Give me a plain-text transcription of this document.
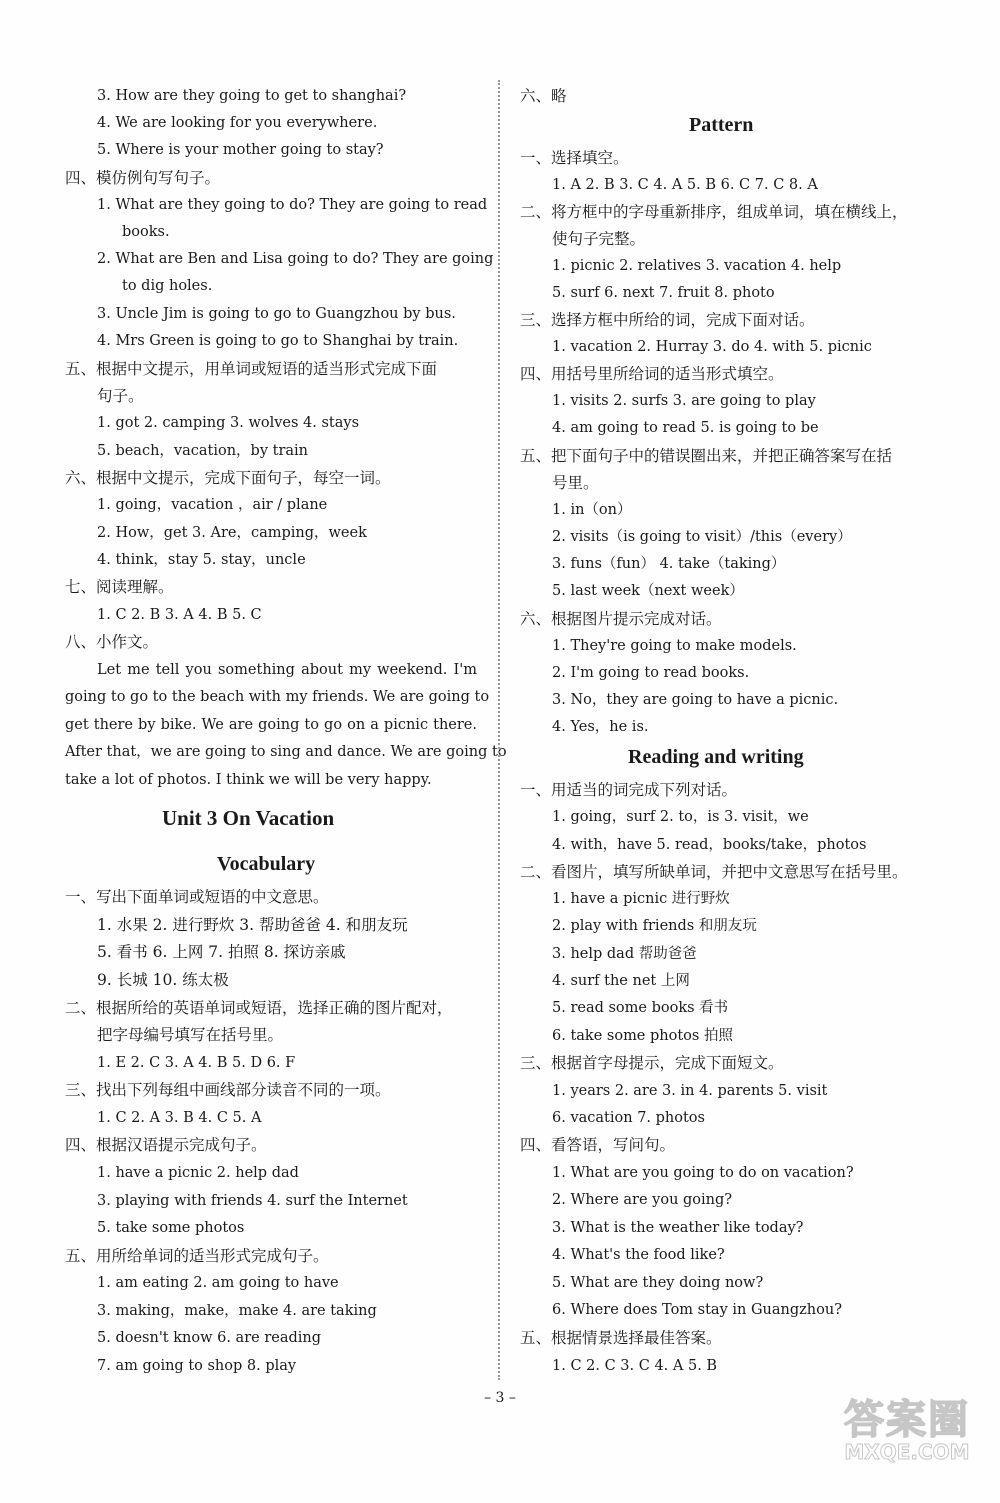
3. How are they going to get to shanghai?
4. We are looking for you everywhere.
5. Where is your mother going to stay?
四、模仿例句写句子。
1. What are they going to do? They are going to read
books.
2. What are Ben and Lisa going to do? They are going
to dig holes.
3. Uncle Jim is going to go to Guangzhou by bus.
4. Mrs Green is going to go to Shanghai by train.
五、根据中文提示，用单词或短语的适当形式完成下面
句子。
1. got 2. camping 3. wolves 4. stays
5. beach，vacation，by train
六、根据中文提示，完成下面句子，每空一词。
1. going，vacation ，air / plane
2. How，get 3. Are，camping，week
4. think，stay 5. stay，uncle
七、阅读理解。
1. C 2. B 3. A 4. B 5. C
八、小作文。
Let me tell you something about my weekend. I'm
going to go to the beach with my friends. We are going to
get there by bike. We are going to go on a picnic there.
After that，we are going to sing and dance. We are going to
take a lot of photos. I think we will be very happy.
Unit 3 On Vacation
Vocabulary
一、写出下面单词或短语的中文意思。
1. 水果 2. 进行野炊 3. 帮助爸爸 4. 和朋友玩
5. 看书 6. 上网 7. 拍照 8. 探访亲戚
9. 长城 10. 练太极
二、根据所给的英语单词或短语，选择正确的图片配对，
把字母编号填写在括号里。
1. E 2. C 3. A 4. B 5. D 6. F
三、找出下列每组中画线部分读音不同的一项。
1. C 2. A 3. B 4. C 5. A
四、根据汉语提示完成句子。
1. have a picnic 2. help dad
3. playing with friends 4. surf the Internet
5. take some photos
五、用所给单词的适当形式完成句子。
1. am eating 2. am going to have
3. making，make，make 4. are taking
5. doesn't know 6. are reading
7. am going to shop 8. play
六、略
Pattern
一、选择填空。
1. A 2. B 3. C 4. A 5. B 6. C 7. C 8. A
二、将方框中的字母重新排序，组成单词，填在横线上，
使句子完整。
1. picnic 2. relatives 3. vacation 4. help
5. surf 6. next 7. fruit 8. photo
三、选择方框中所给的词，完成下面对话。
1. vacation 2. Hurray 3. do 4. with 5. picnic
四、用括号里所给词的适当形式填空。
1. visits 2. surfs 3. are going to play
4. am going to read 5. is going to be
五、把下面句子中的错误圈出来，并把正确答案写在括
号里。
1. in（on）
2. visits（is going to visit）/this（every）
3. funs（fun） 4. take（taking）
5. last week（next week）
六、根据图片提示完成对话。
1. They're going to make models.
2. I'm going to read books.
3. No，they are going to have a picnic.
4. Yes，he is.
Reading and writing
一、用适当的词完成下列对话。
1. going，surf 2. to，is 3. visit，we
4. with，have 5. read，books/take，photos
二、看图片，填写所缺单词，并把中文意思写在括号里。
1. have a picnic 进行野炊
2. play with friends 和朋友玩
3. help dad 帮助爸爸
4. surf the net 上网
5. read some books 看书
6. take some photos 拍照
三、根据首字母提示，完成下面短文。
1. years 2. are 3. in 4. parents 5. visit
6. vacation 7. photos
四、看答语，写问句。
1. What are you going to do on vacation?
2. Where are you going?
3. What is the weather like today?
4. What's the food like?
5. What are they doing now?
6. Where does Tom stay in Guangzhou?
五、根据情景选择最佳答案。
1. C 2. C 3. C 4. A 5. B
– 3 –	答案圈
MXQE.COM
